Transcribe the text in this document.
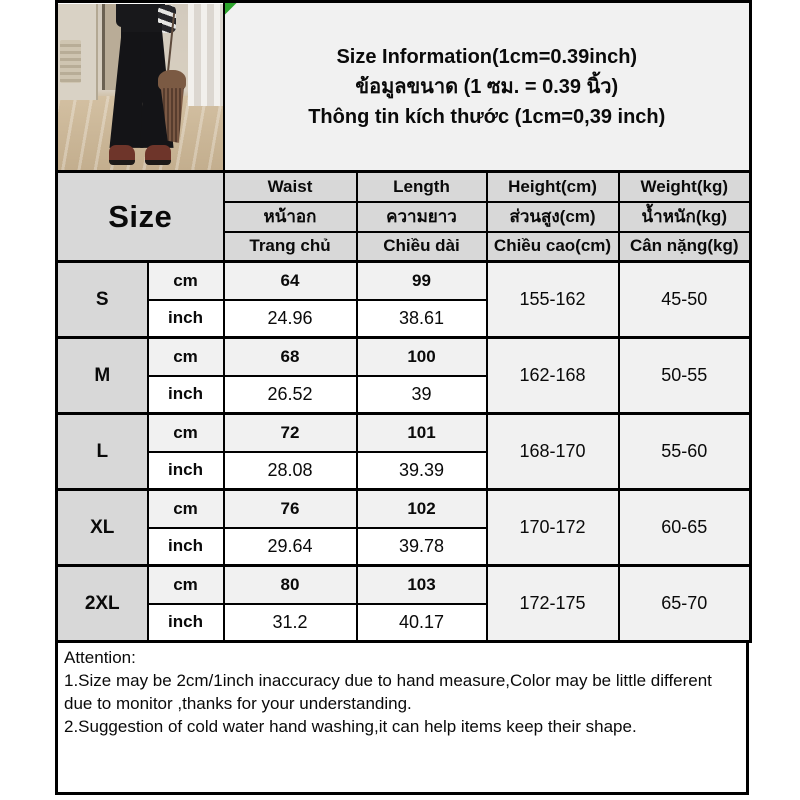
		Size Information(1cm=0.39inch)
ข้อมูลขนาด (1 ซม. = 0.39 นิ้ว)
Thông tin kích thước (1cm=0,39 inch)			

Size		Waist	Length	Height(cm)	Weight(kg)
		หน้าอก	ความยาว	ส่วนสูง(cm)	น้ำหนัก(kg)
		Trang chủ	Chiều dài	Chiều cao(cm)	Cân nặng(kg)
S	cm	64	99	155-162	45-50
	inch	24.96	38.61		
M	cm	68	100	162-168	50-55
	inch	26.52	39		
L	cm	72	101	168-170	55-60
	inch	28.08	39.39		
XL	cm	76	102	170-172	60-65
	inch	29.64	39.78		
2XL	cm	80	103	172-175	65-70
	inch	31.2	40.17		
Attention:
1.Size may be 2cm/1inch inaccuracy due to hand measure,Color may be little different due to monitor ,thanks for your understanding.
2.Suggestion of cold water hand washing,it can help items keep their shape.
